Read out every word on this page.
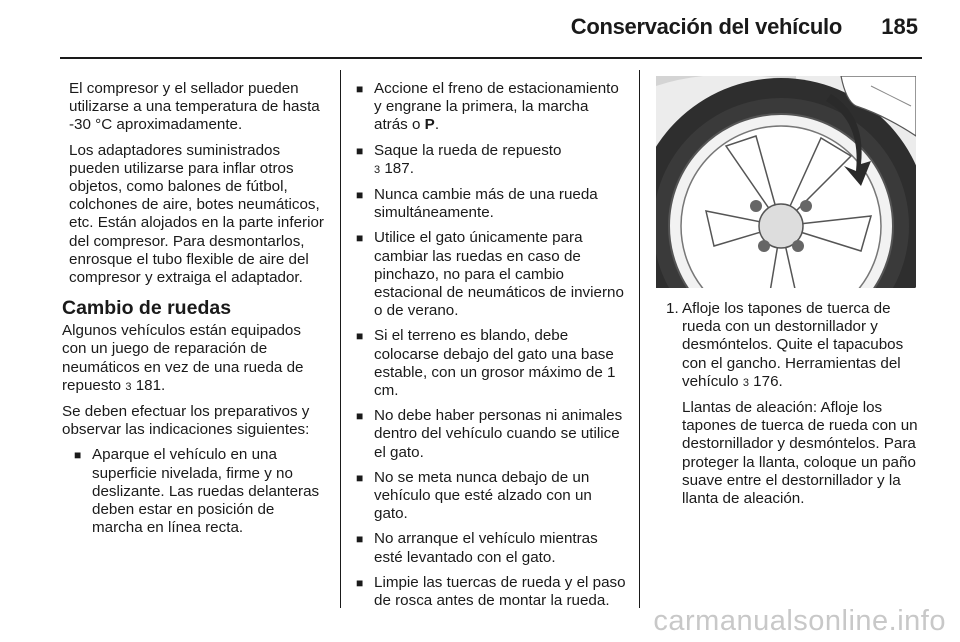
Conservación del vehículo 185

El compresor y el sellador pueden utilizarse a una temperatura de hasta -30 °C aproximadamente.

Los adaptadores suministrados pueden utilizarse para inflar otros objetos, como balones de fútbol, colchones de aire, botes neumáticos, etc. Están alojados en la parte inferior del compresor. Para desmontarlos, enrosque el tubo flexible de aire del compresor y extraiga el adaptador.

Cambio de ruedas

Algunos vehículos están equipados con un juego de reparación de neumáticos en vez de una rueda de repuesto 3 181.

Se deben efectuar los preparativos y observar las indicaciones siguientes:

■ Aparque el vehículo en una superficie nivelada, firme y no deslizante. Las ruedas delanteras deben estar en posición de marcha en línea recta.
■ Accione el freno de estacionamiento y engrane la primera, la marcha atrás o P.
■ Saque la rueda de repuesto
3 187.
■ Nunca cambie más de una rueda simultáneamente.
■ Utilice el gato únicamente para cambiar las ruedas en caso de pinchazo, no para el cambio estacional de neumáticos de invierno o de verano.
■ Si el terreno es blando, debe colocarse debajo del gato una base estable, con un grosor máximo de 1 cm.
■ No debe haber personas ni animales dentro del vehículo cuando se utilice el gato.
■ No se meta nunca debajo de un vehículo que esté alzado con un gato.
■ No arranque el vehículo mientras esté levantado con el gato.
■ Limpie las tuercas de rueda y el paso de rosca antes de montar la rueda.
1. Afloje los tapones de tuerca de rueda con un destornillador y desmóntelos. Quite el tapacubos con el gancho. Herramientas del vehículo 3 176.
Llantas de aleación: Afloje los tapones de tuerca de rueda con un destornillador y desmóntelos. Para proteger la llanta, coloque un paño suave entre el destornillador y la llanta de aleación.
carmanualsonline.info
